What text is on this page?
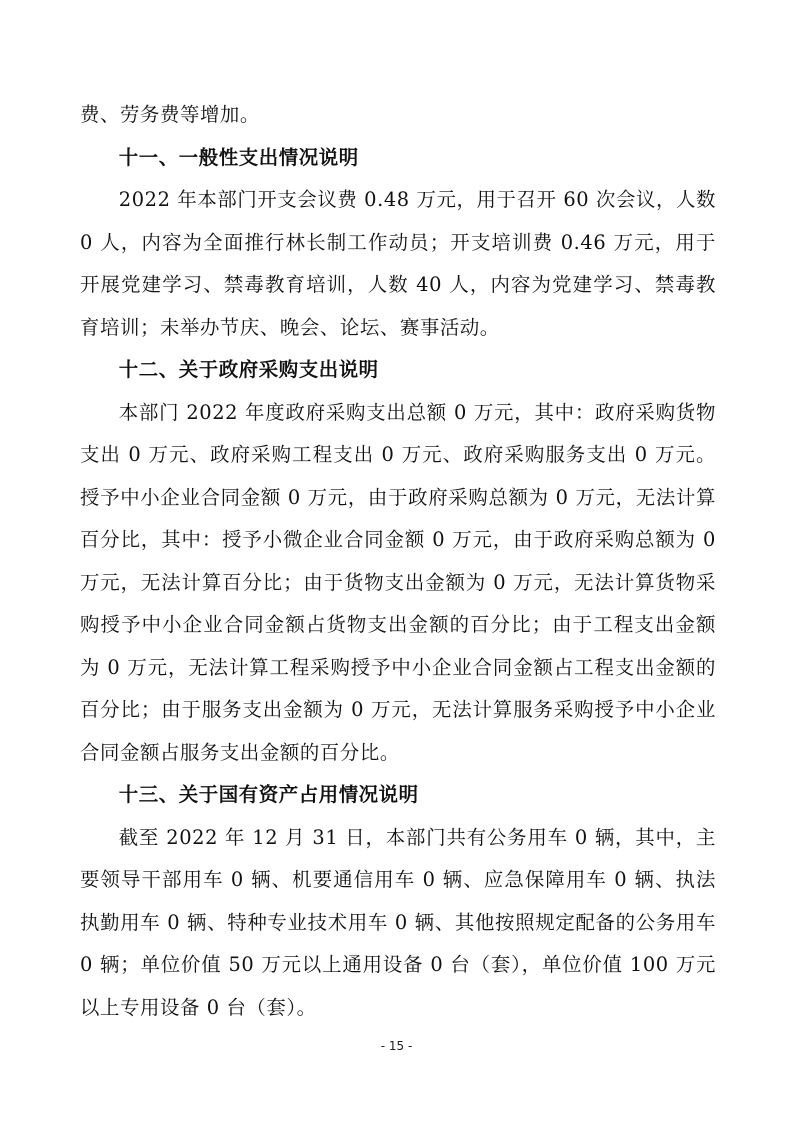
费、劳务费等增加。

十一、一般性支出情况说明

2022 年本部门开支会议费 0.48 万元，用于召开 60 次会议，人数 0 人，内容为全面推行林长制工作动员；开支培训费 0.46 万元，用于开展党建学习、禁毒教育培训，人数 40 人，内容为党建学习、禁毒教育培训；未举办节庆、晚会、论坛、赛事活动。

十二、关于政府采购支出说明

本部门 2022 年度政府采购支出总额 0 万元，其中：政府采购货物支出 0 万元、政府采购工程支出 0 万元、政府采购服务支出 0 万元。授予中小企业合同金额 0 万元，由于政府采购总额为 0 万元，无法计算百分比，其中：授予小微企业合同金额 0 万元，由于政府采购总额为 0 万元，无法计算百分比；由于货物支出金额为 0 万元，无法计算货物采购授予中小企业合同金额占货物支出金额的百分比；由于工程支出金额为 0 万元，无法计算工程采购授予中小企业合同金额占工程支出金额的百分比；由于服务支出金额为 0 万元，无法计算服务采购授予中小企业合同金额占服务支出金额的百分比。

十三、关于国有资产占用情况说明

截至 2022 年 12 月 31 日，本部门共有公务用车 0 辆，其中，主要领导干部用车 0 辆、机要通信用车 0 辆、应急保障用车 0 辆、执法执勤用车 0 辆、特种专业技术用车 0 辆、其他按照规定配备的公务用车 0 辆；单位价值 50 万元以上通用设备 0 台（套），单位价值 100 万元以上专用设备 0 台（套）。

- 15 -
